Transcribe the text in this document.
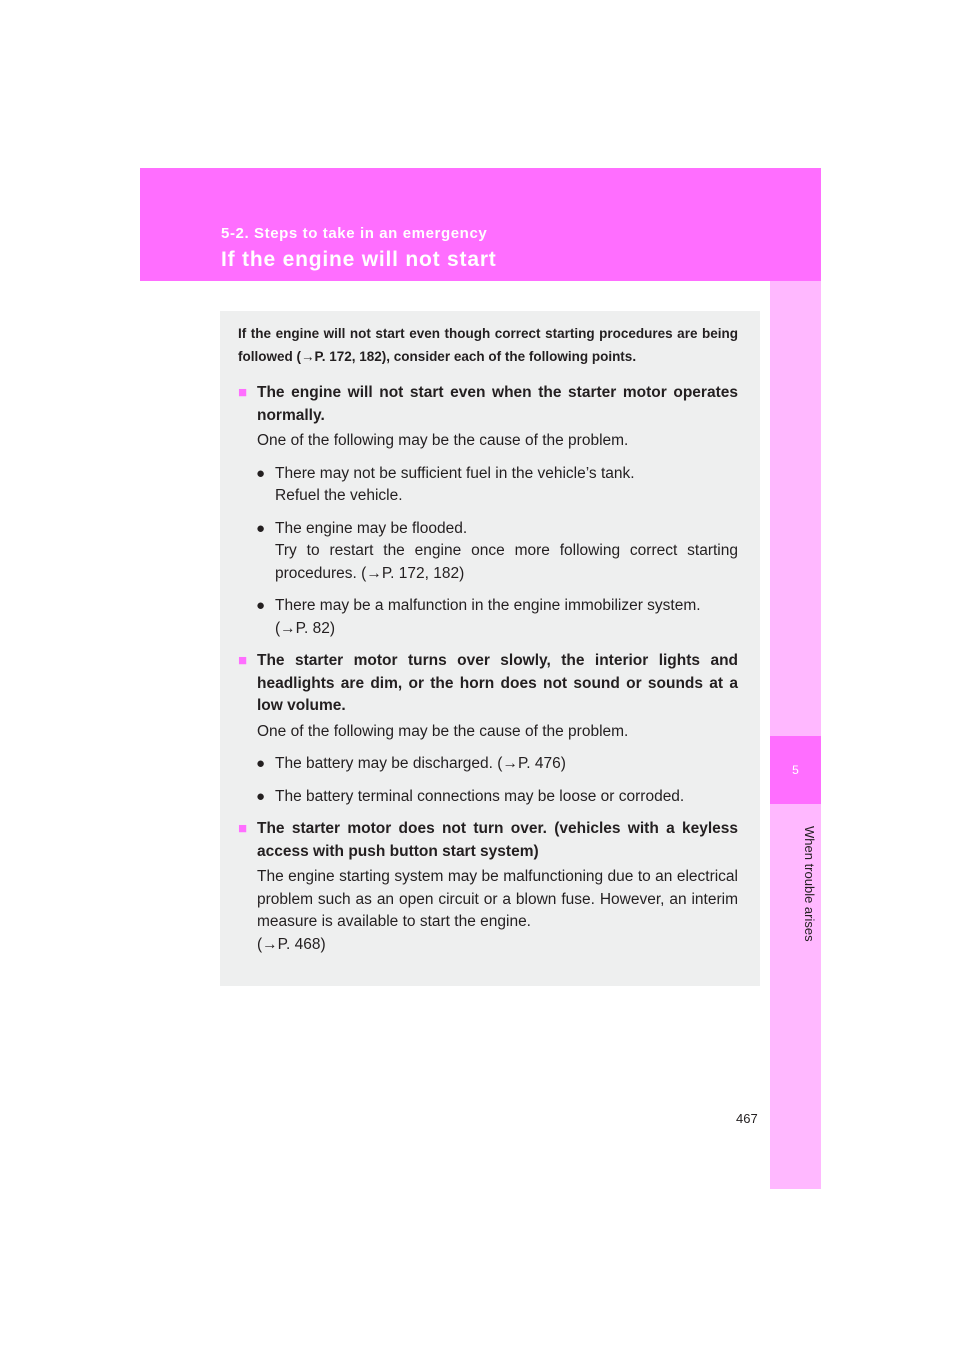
5-2. Steps to take in an emergency
If the engine will not start
5
When trouble arises

If the engine will not start even though correct starting procedures are being followed (→P. 172, 182), consider each of the following points.

■ The engine will not start even when the starter motor operates normally.

One of the following may be the cause of the problem.

● There may not be sufficient fuel in the vehicle’s tank.
Refuel the vehicle.
● The engine may be flooded.
Try to restart the engine once more following correct starting procedures. (→P. 172, 182)
● There may be a malfunction in the engine immobilizer system.
(→P. 82)

■ The starter motor turns over slowly, the interior lights and headlights are dim, or the horn does not sound or sounds at a low volume.

One of the following may be the cause of the problem.

● The battery may be discharged. (→P. 476)
● The battery terminal connections may be loose or corroded.

■ The starter motor does not turn over. (vehicles with a keyless access with push button start system)

The engine starting system may be malfunctioning due to an electrical problem such as an open circuit or a blown fuse. However, an interim measure is available to start the engine.

(→P. 468)

467
